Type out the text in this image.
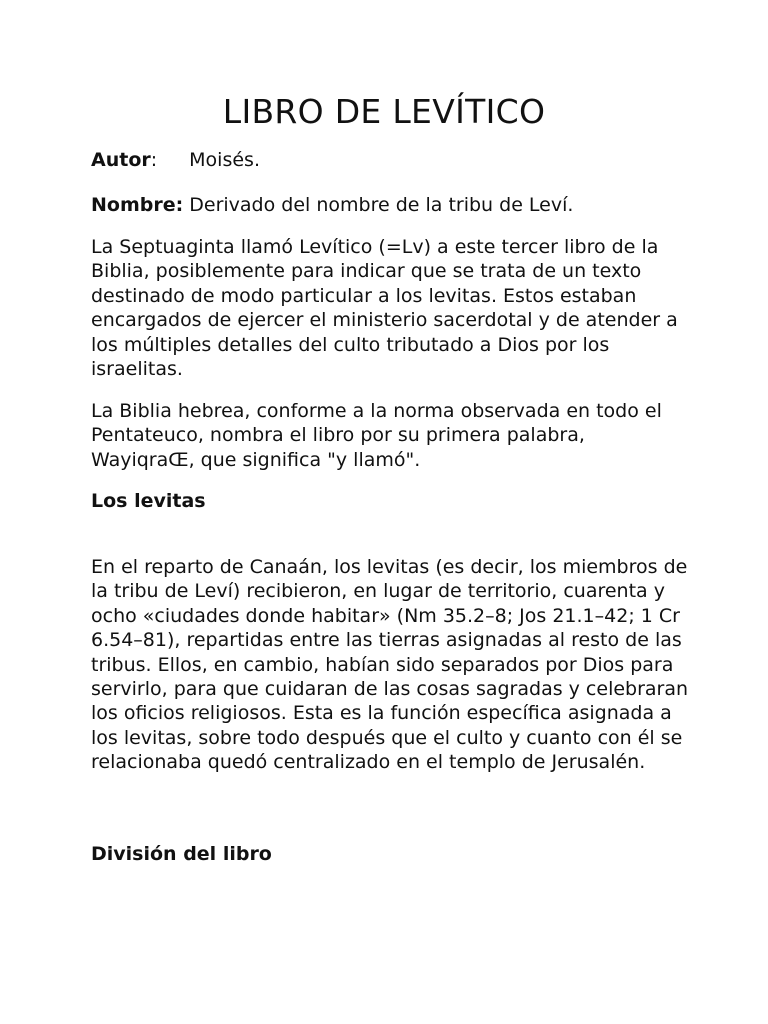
LIBRO DE LEVÍTICO

Autor: Moisés.

Nombre: Derivado del nombre de la tribu de Leví.

La Septuaginta llamó Levítico (=Lv) a este tercer libro de la Biblia, posiblemente para indicar que se trata de un texto destinado de modo particular a los levitas. Estos estaban encargados de ejercer el ministerio sacerdotal y de atender a los múltiples detalles del culto tributado a Dios por los israelitas.

La Biblia hebrea, conforme a la norma observada en todo el Pentateuco, nombra el libro por su primera palabra, WayiqraŒ, que significa "y llamó".

Los levitas

En el reparto de Canaán, los levitas (es decir, los miembros de la tribu de Leví) recibieron, en lugar de territorio, cuarenta y ocho «ciudades donde habitar» (Nm 35.2–8; Jos 21.1–42; 1 Cr 6.54–81), repartidas entre las tierras asignadas al resto de las tribus. Ellos, en cambio, habían sido separados por Dios para servirlo, para que cuidaran de las cosas sagradas y celebraran los oficios religiosos. Esta es la función específica asignada a los levitas, sobre todo después que el culto y cuanto con él se relacionaba quedó centralizado en el templo de Jerusalén.

División del libro
